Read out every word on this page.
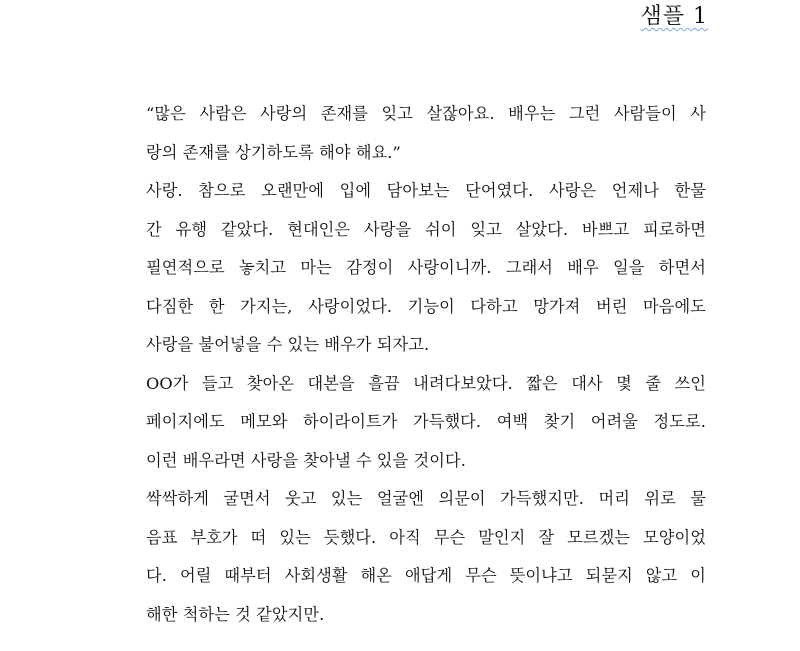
샘플 1
“많은 사람은 사랑의 존재를 잊고 살잖아요. 배우는 그런 사람들이 사
랑의 존재를 상기하도록 해야 해요.”
사랑. 참으로 오랜만에 입에 담아보는 단어였다. 사랑은 언제나 한물
간 유행 같았다. 현대인은 사랑을 쉬이 잊고 살았다. 바쁘고 피로하면
필연적으로 놓치고 마는 감정이 사랑이니까. 그래서 배우 일을 하면서
다짐한 한 가지는, 사랑이었다. 기능이 다하고 망가져 버린 마음에도
사랑을 불어넣을 수 있는 배우가 되자고.
OO가 들고 찾아온 대본을 흘끔 내려다보았다. 짧은 대사 몇 줄 쓰인
페이지에도 메모와 하이라이트가 가득했다. 여백 찾기 어려울 정도로.
이런 배우라면 사랑을 찾아낼 수 있을 것이다.
싹싹하게 굴면서 웃고 있는 얼굴엔 의문이 가득했지만. 머리 위로 물
음표 부호가 떠 있는 듯했다. 아직 무슨 말인지 잘 모르겠는 모양이었
다. 어릴 때부터 사회생활 해온 애답게 무슨 뜻이냐고 되묻지 않고 이
해한 척하는 것 같았지만.
